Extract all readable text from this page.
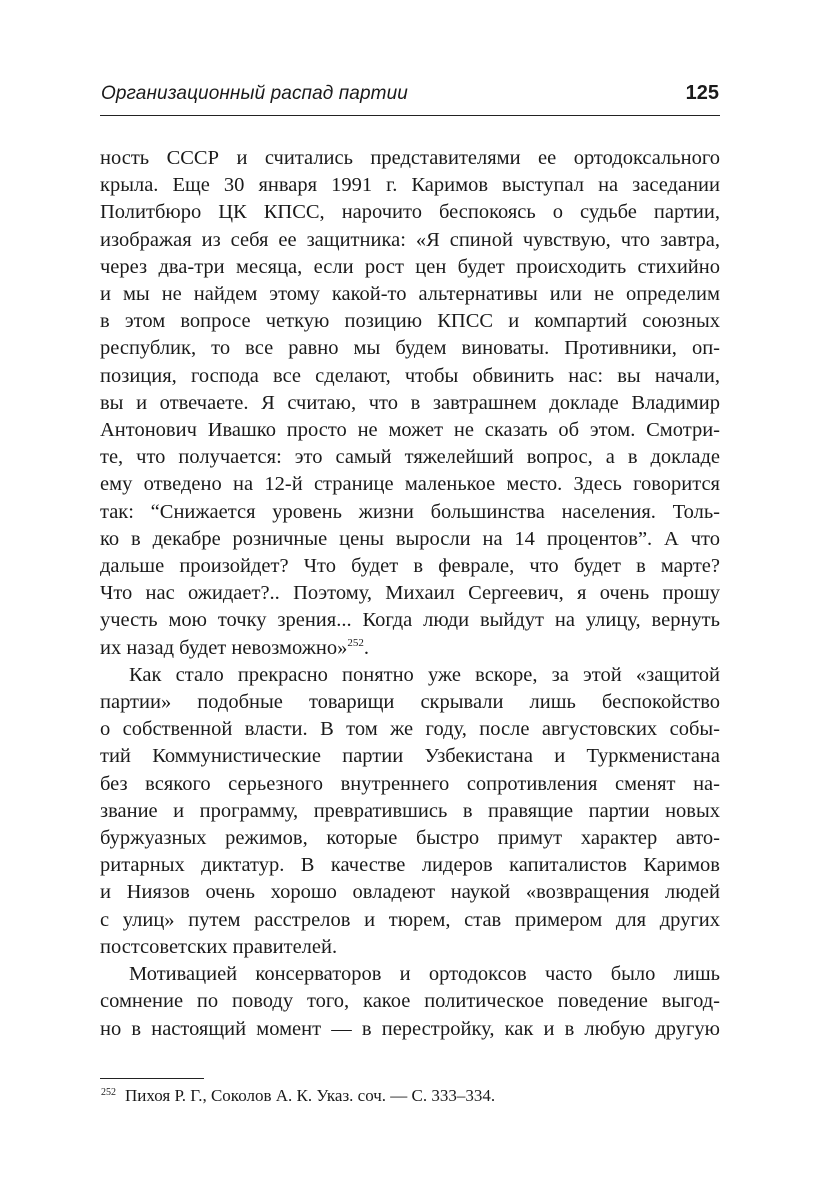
Организационный распад партии	125
ность СССР и считались представителями ее ортодоксального
крыла. Еще 30 января 1991 г. Каримов выступал на заседании
Политбюро ЦК КПСС, нарочито беспокоясь о судьбе партии,
изображая из себя ее защитника: «Я спиной чувствую, что завтра,
через два-три месяца, если рост цен будет происходить стихийно
и мы не найдем этому какой-то альтернативы или не определим
в этом вопросе четкую позицию КПСС и компартий союзных
республик, то все равно мы будем виноваты. Противники, оп-
позиция, господа все сделают, чтобы обвинить нас: вы начали,
вы и отвечаете. Я считаю, что в завтрашнем докладе Владимир
Антонович Ивашко просто не может не сказать об этом. Смотри-
те, что получается: это самый тяжелейший вопрос, а в докладе
ему отведено на 12-й странице маленькое место. Здесь говорится
так: “Снижается уровень жизни большинства населения. Толь-
ко в декабре розничные цены выросли на 14 процентов”. А что
дальше произойдет? Что будет в феврале, что будет в марте?
Что нас ожидает?.. Поэтому, Михаил Сергеевич, я очень прошу
учесть мою точку зрения... Когда люди выйдут на улицу, вернуть
их назад будет невозможно»$^{252}$.
Как стало прекрасно понятно уже вскоре, за этой «защитой
партии» подобные товарищи скрывали лишь беспокойство
о собственной власти. В том же году, после августовских собы-
тий Коммунистические партии Узбекистана и Туркменистана
без всякого серьезного внутреннего сопротивления сменят на-
звание и программу, превратившись в правящие партии новых
буржуазных режимов, которые быстро примут характер авто-
ритарных диктатур. В качестве лидеров капиталистов Каримов
и Ниязов очень хорошо овладеют наукой «возвращения людей
с улиц» путем расстрелов и тюрем, став примером для других
постсоветских правителей.
Мотивацией консерваторов и ортодоксов часто было лишь
сомнение по поводу того, какое политическое поведение выгод-
но в настоящий момент — в перестройку, как и в любую другую
$^{252}$ Пихоя Р. Г., Соколов А. К. Указ. соч. — С. 333–334.
